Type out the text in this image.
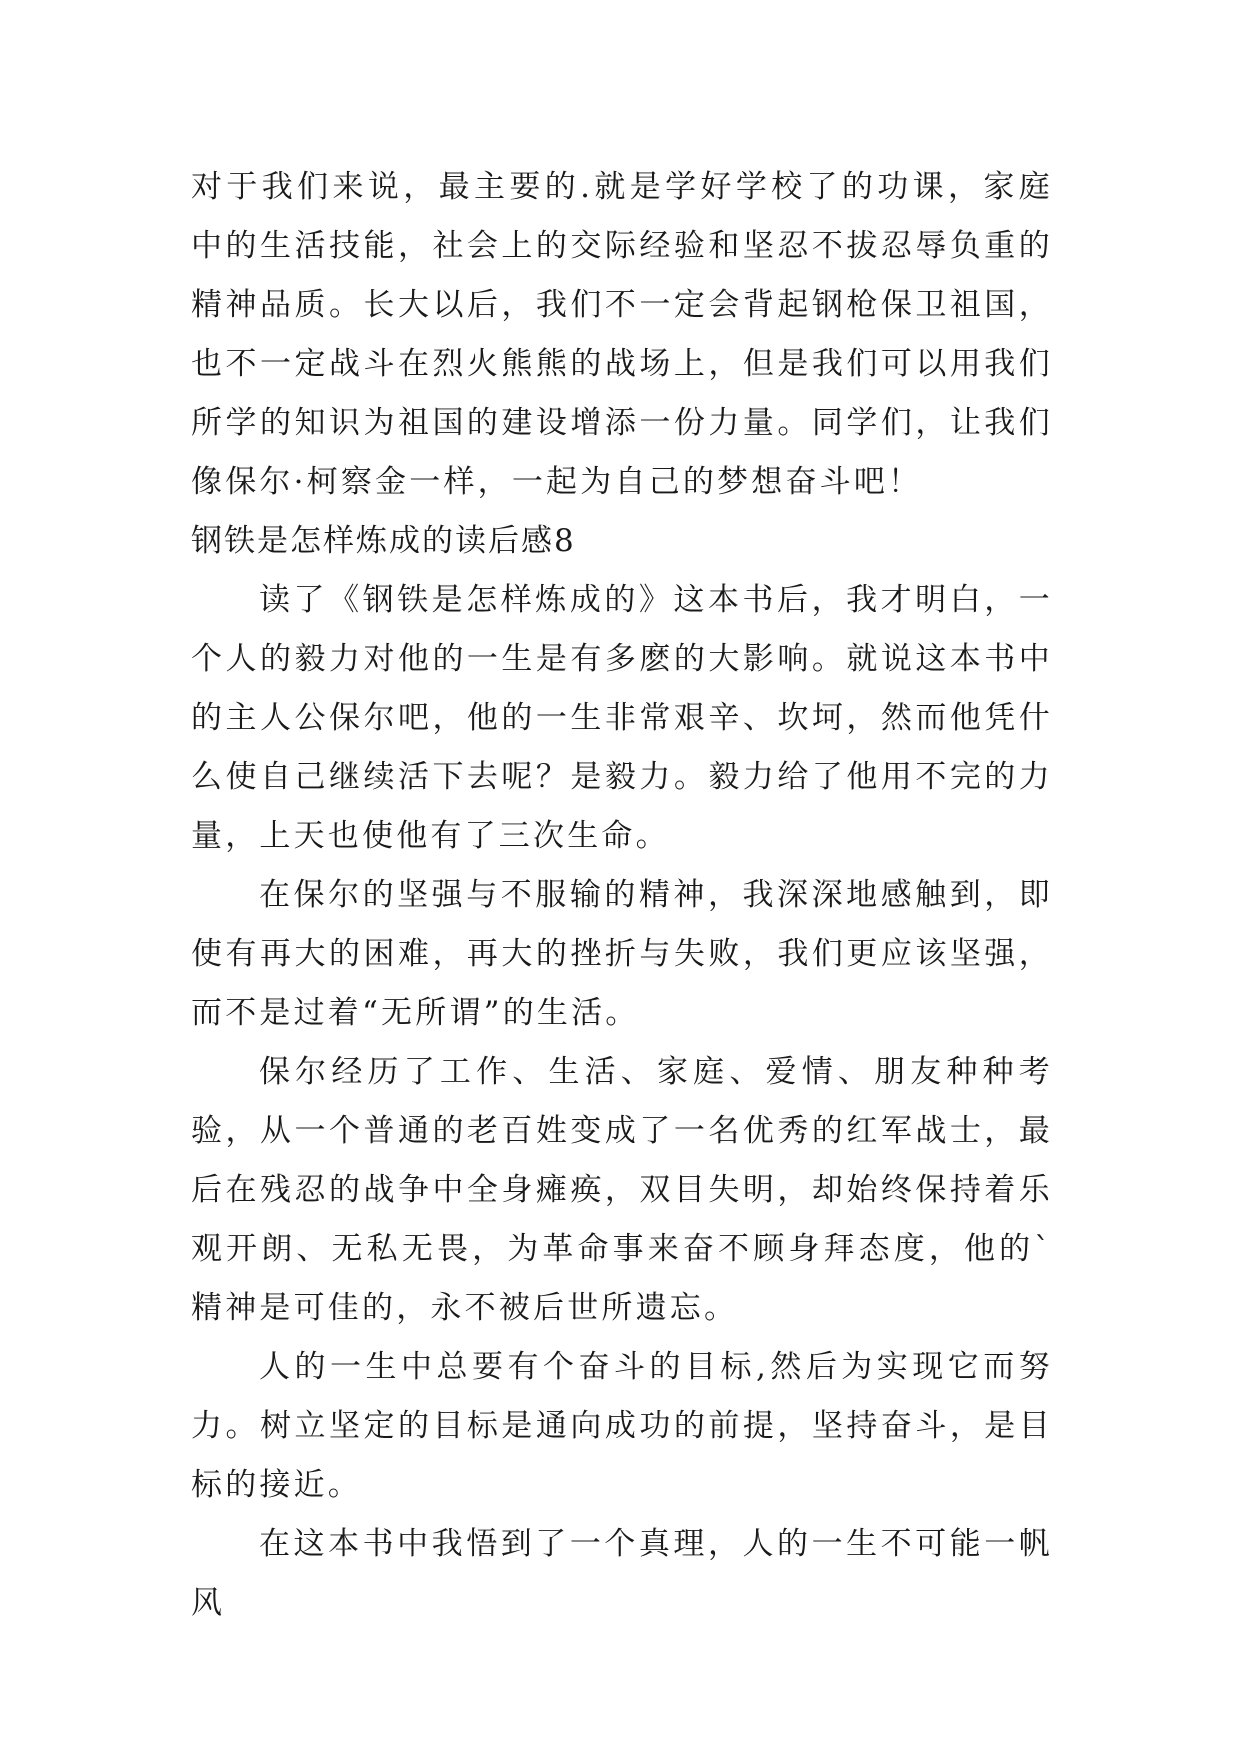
对于我们来说，最主要的.就是学好学校了的功课，家庭中的生活技能，社会上的交际经验和坚忍不拔忍辱负重的精神品质。长大以后，我们不一定会背起钢枪保卫祖国，也不一定战斗在烈火熊熊的战场上，但是我们可以用我们所学的知识为祖国的建设增添一份力量。同学们，让我们像保尔·柯察金一样，一起为自己的梦想奋斗吧！

钢铁是怎样炼成的读后感8

读了《钢铁是怎样炼成的》这本书后，我才明白，一个人的毅力对他的一生是有多麽的大影响。就说这本书中的主人公保尔吧，他的一生非常艰辛、坎坷，然而他凭什么使自己继续活下去呢？是毅力。毅力给了他用不完的力量，上天也使他有了三次生命。

在保尔的坚强与不服输的精神，我深深地感触到，即使有再大的困难，再大的挫折与失败，我们更应该坚强，而不是过着“无所谓”的生活。

保尔经历了工作、生活、家庭、爱情、朋友种种考验，从一个普通的老百姓变成了一名优秀的红军战士，最后在残忍的战争中全身瘫痪，双目失明，却始终保持着乐观开朗、无私无畏，为革命事来奋不顾身拜态度，他的`精神是可佳的，永不被后世所遗忘。

人的一生中总要有个奋斗的目标,然后为实现它而努力。树立坚定的目标是通向成功的前提，坚持奋斗，是目标的接近。

在这本书中我悟到了一个真理，人的一生不可能一帆风
